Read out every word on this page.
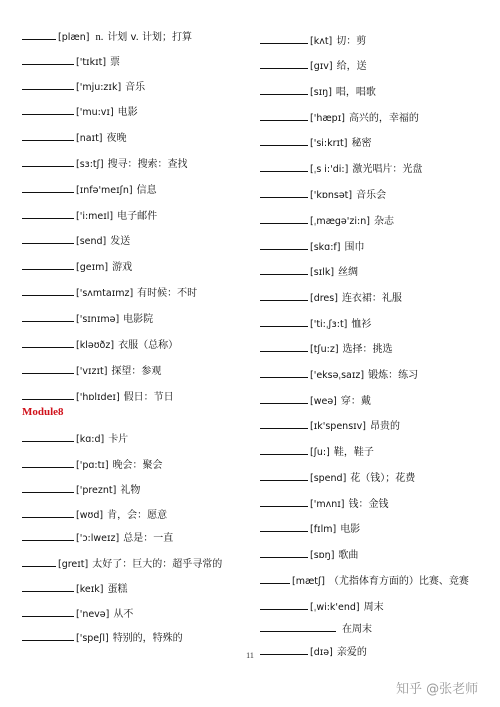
[plæn] n. 计划 v. 计划；打算
['tɪkɪt] 票
['mju:zɪk] 音乐
['mu:vɪ] 电影
[naɪt] 夜晚
[sɜ:tʃ] 搜寻：搜索：查找
[ɪnfə'meɪʃn] 信息
['i:meɪl] 电子邮件
[send] 发送
[geɪm] 游戏
['sʌmtaɪmz] 有时候：不时
['sɪnɪmə] 电影院
[kləʊðz] 衣服（总称）
['vɪzɪt] 探望：参观
['hɒlɪdeɪ] 假日：节日
Module8
[kɑ:d] 卡片
['pɑ:tɪ] 晚会：聚会
['preznt] 礼物
[wʊd] 肯，会：愿意
['ɔ:lweɪz] 总是：一直
[greɪt] 太好了：巨大的：超乎寻常的
[keɪk] 蛋糕
['nevə] 从不
['speʃl] 特别的，特殊的
[kʌt] 切：剪
[gɪv] 给，送
[sɪŋ] 唱，唱歌
['hæpɪ] 高兴的，幸福的
['si:krɪt] 秘密
[ˌs i:'di:] 激光唱片：光盘
['kɒnsət] 音乐会
[ˌmægə'zi:n] 杂志
[skɑ:f] 围巾
[sɪlk] 丝绸
[dres] 连衣裙：礼服
['ti:ˌʃɜ:t] 恤衫
[tʃu:z] 选择：挑选
['eksəˌsaɪz] 锻炼：练习
[weə] 穿：戴
[ɪk'spensɪv] 昂贵的
[ʃu:] 鞋，鞋子
[spend] 花（钱）；花费
['mʌnɪ] 钱：金钱
[fɪlm] 电影
[sɒŋ] 歌曲
[mætʃ] （尤指体育方面的）比赛、竞赛
[ˌwi:k'end] 周末
在周末
[dɪə] 亲爱的
11
知乎 @张老师
